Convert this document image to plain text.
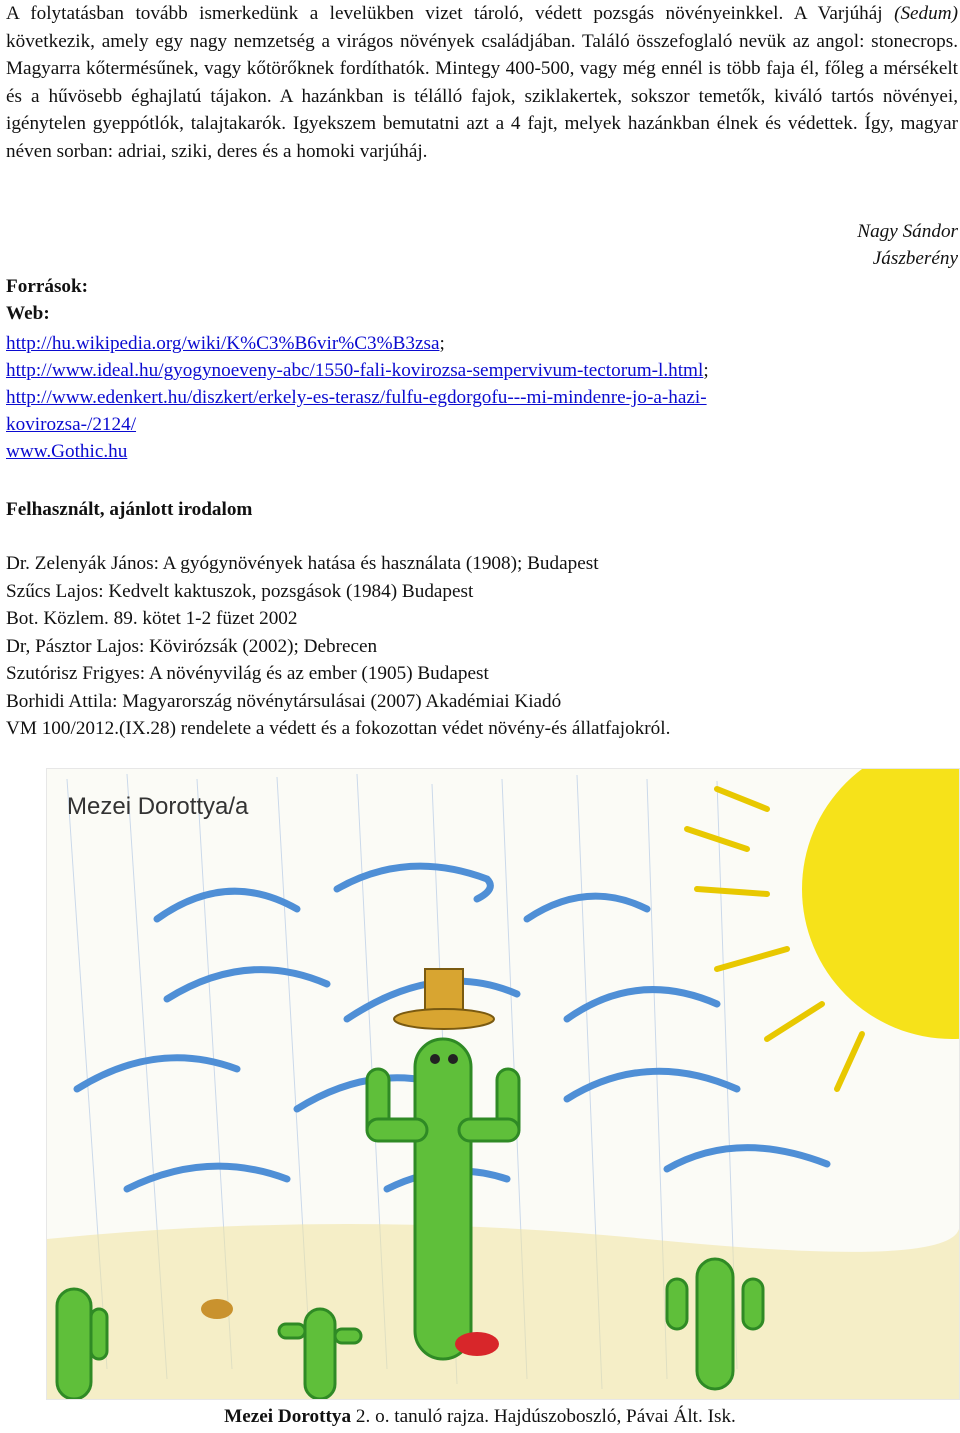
A folytatásban tovább ismerkedünk a levelükben vizet tároló, védett pozsgás növényeinkkel. A Varjúháj (Sedum) következik, amely egy nagy nemzetség a virágos növények családjában. Találó összefoglaló nevük az angol: stonecrops. Magyarra kőtermésűnek, vagy kőtörőknek fordíthatók. Mintegy 400-500, vagy még ennél is több faja él, főleg a mérsékelt és a hűvösebb éghajlatú tájakon. A hazánkban is télálló fajok, sziklakertek, sokszor temetők, kiváló tartós növényei, igénytelen gyeppótlók, talajtakarók. Igyekszem bemutatni azt a 4 fajt, melyek hazánkban élnek és védettek. Így, magyar néven sorban: adriai, sziki, deres és a homoki varjúháj.

Nagy Sándor
Jászberény
Források:
Web:
http://hu.wikipedia.org/wiki/K%C3%B6vir%C3%B3zsa;
http://www.ideal.hu/gyogynoeveny-abc/1550-fali-kovirozsa-sempervivum-tectorum-l.html;
http://www.edenkert.hu/diszkert/erkely-es-terasz/fulfu-egdorgofu---mi-mindenre-jo-a-hazi-
kovirozsa-/2124/
www.Gothic.hu
Felhasznált, ajánlott irodalom
Dr. Zelenyák János: A gyógynövények hatása és használata (1908); Budapest
Szűcs Lajos: Kedvelt kaktuszok, pozsgások (1984) Budapest
Bot. Közlem. 89. kötet 1-2 füzet 2002
Dr, Pásztor Lajos: Kövirózsák (2002); Debrecen
Szutórisz Frigyes: A növényvilág és az ember (1905) Budapest
Borhidi Attila: Magyarország növénytársulásai (2007) Akadémiai Kiadó
VM 100/2012.(IX.28) rendelete a védett és a fokozottan védet növény-és állatfajokról.
Mezei Dorottya/a
Mezei Dorottya 2. o. tanuló rajza. Hajdúszoboszló, Pávai Ált. Isk.
